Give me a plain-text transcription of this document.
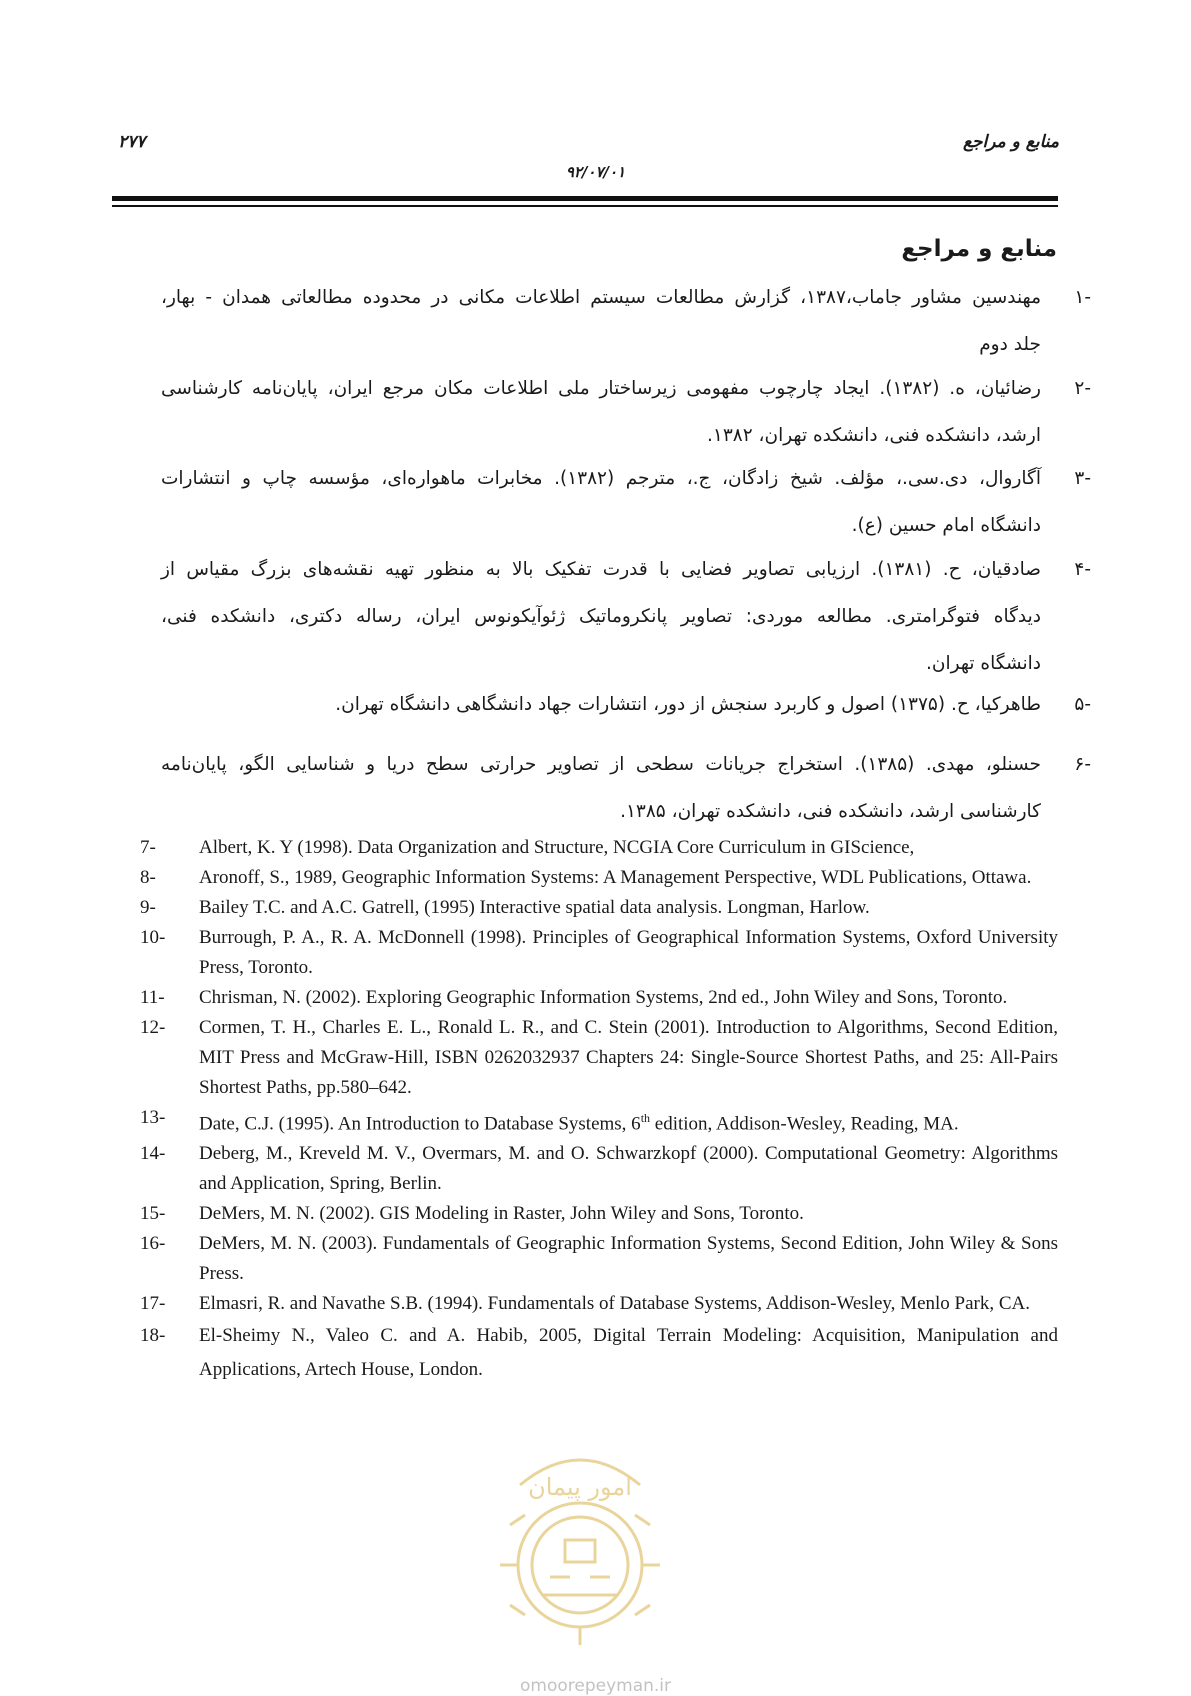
منابع و مراجع
۲۷۷
۹۲/۰۷/۰۱
منابع و مراجع
-۱
مهندسین مشاور جاماب،۱۳۸۷، گزارش مطالعات سیستم اطلاعات مکانی در محدوده مطالعاتی همدان - بهار،
جلد دوم
-۲
رضائیان، ه. (۱۳۸۲). ایجاد چارچوب مفهومی زیرساختار ملی اطلاعات مکان مرجع ایران، پایان‌نامه کارشناسی
ارشد، دانشکده فنی، دانشکده تهران، ۱۳۸۲.
-۳
آگاروال، دی.سی.، مؤلف. شیخ زادگان، ج.، مترجم (۱۳۸۲). مخابرات ماهواره‌ای، مؤسسه چاپ و انتشارات
دانشگاه امام حسین (ع).
-۴
صادقیان، ح. (۱۳۸۱). ارزیابی تصاویر فضایی با قدرت تفکیک بالا به منظور تهیه نقشه‌های بزرگ مقیاس از
دیدگاه فتوگرامتری. مطالعه موردی: تصاویر پانکروماتیک ژئوآیکونوس ایران، رساله دکتری، دانشکده فنی،
دانشگاه تهران.
-۵
طاهرکیا، ح. (۱۳۷۵) اصول و کاربرد سنجش از دور، انتشارات جهاد دانشگاهی دانشگاه تهران.
-۶
حسنلو، مهدی. (۱۳۸۵). استخراج جریانات سطحی از تصاویر حرارتی سطح دریا و شناسایی الگو، پایان‌نامه
کارشناسی ارشد، دانشکده فنی، دانشکده تهران، ۱۳۸۵.
7-	Albert, K. Y (1998). Data Organization and Structure, NCGIA Core Curriculum in GIScience,
8-	Aronoff, S., 1989, Geographic Information Systems: A Management Perspective, WDL Publications, Ottawa.
9-	Bailey T.C. and A.C. Gatrell, (1995) Interactive spatial data analysis. Longman, Harlow.
10-	Burrough, P. A., R. A. McDonnell (1998). Principles of Geographical Information Systems, Oxford University Press, Toronto.
11-	Chrisman, N. (2002). Exploring Geographic Information Systems, 2nd ed., John Wiley and Sons, Toronto.
12-	Cormen, T. H., Charles E. L., Ronald L. R., and C. Stein (2001). Introduction to Algorithms, Second Edition, MIT Press and McGraw-Hill, ISBN 0262032937 Chapters 24: Single-Source Shortest Paths, and 25: All-Pairs Shortest Paths, pp.580–642.
13-	Date, C.J. (1995). An Introduction to Database Systems, 6th edition, Addison-Wesley, Reading, MA.
14-	Deberg, M., Kreveld M. V., Overmars, M. and O. Schwarzkopf (2000). Computational Geometry: Algorithms and Application, Spring, Berlin.
15-	DeMers, M. N. (2002). GIS Modeling in Raster, John Wiley and Sons, Toronto.
16-	DeMers, M. N. (2003). Fundamentals of Geographic Information Systems, Second Edition, John Wiley & Sons Press.
17-	Elmasri, R. and Navathe S.B. (1994). Fundamentals of Database Systems, Addison-Wesley, Menlo Park, CA.
18-	El-Sheimy N., Valeo C. and A. Habib, 2005, Digital Terrain Modeling: Acquisition, Manipulation and Applications, Artech House, London.
امور پیمان
omoorepeyman.ir
